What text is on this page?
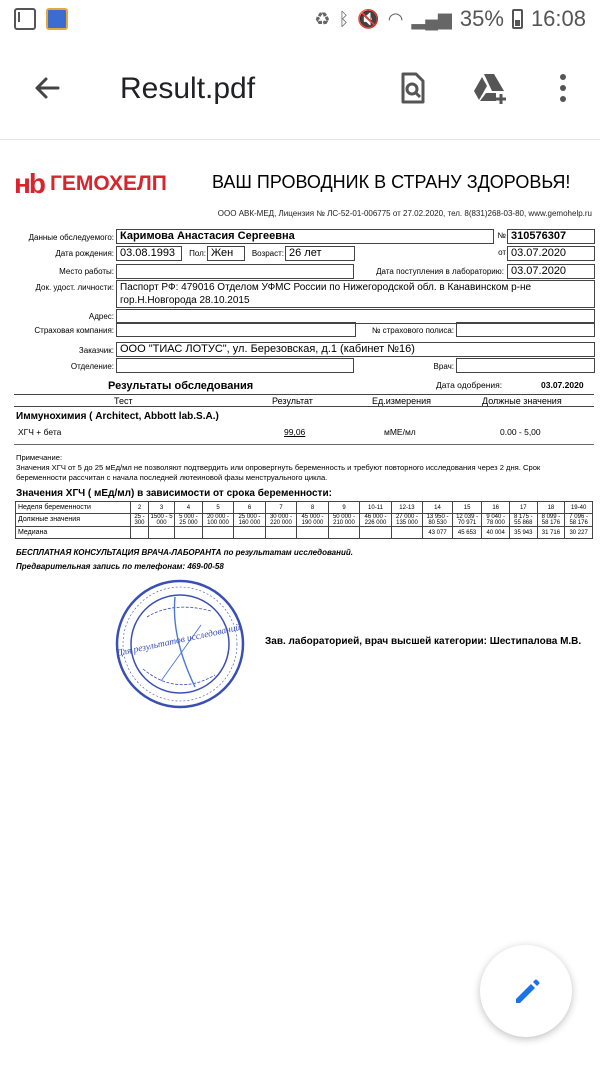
♻ ᛒ 🔇 ◠ ▂▄▆ 35% 16:08
Result.pdf
нb ГЕМОХЕЛП	ВАШ ПРОВОДНИК В СТРАНУ ЗДОРОВЬЯ!
ООО АВК-МЕД, Лицензия № ЛС-52-01-006775 от 27.02.2020, тел. 8(831)268-03-80, www.gemohelp.ru
Данные обследуемого: Каримова Анастасия Сергеевна	№ 310576307
Дата рождения: 03.08.1993	Пол: Жен	Возраст: 26 лет	от 03.07.2020
Место работы:	Дата поступления в лабораторию: 03.07.2020
Док. удост. личности: Паспорт РФ: 479016 Отделом УФМС России по Нижегородской обл. в Канавинском р-не гор.Н.Новгорода 28.10.2015
Адрес:
Страховая компания:	№ страхового полиса:
Заказчик: ООО "ТИАС ЛОТУС", ул. Березовская, д.1 (кабинет №16)
Отделение:	Врач:
Результаты обследования	Дата одобрения:	03.07.2020
Тест	Результат	Ед.измерения	Должные значения
Иммунохимия ( Architect, Abbott lab.S.A.)
ХГЧ + бета	99,06	мМЕ/мл	0.00 - 5,00
Примечание:
Значения ХГЧ от 5 до 25 мЕд/мл не позволяют подтвердить или опровергнуть беременность и требуют повторного исследования через 2 дня. Срок беременности рассчитан с начала последней лютеиновой фазы менструального цикла.
Значения ХГЧ ( мЕд/мл) в зависимости от срока беременности:
Неделя беременности	2	3	4	5	6	7	8	9	10-11	12-13	14	15	16	17	18	19-40
Должные значения	25 - 300	1500 - 5 000	5 000 - 25 000	20 000 - 100 000	25 000 - 160 000	30 000 - 220 000	45 000 - 190 000	50 000 - 210 000	46 000 - 226 000	27 000 - 135 000	13 950 - 80 530	12 039 - 70 971	9 040 - 78 000	8 175 - 55 868	8 099 - 58 176	7 096 - 58 176
Медиана											43 077	45 653	40 004	35 943	31 716	30 227
БЕСПЛАТНАЯ КОНСУЛЬТАЦИЯ ВРАЧА-ЛАБОРАНТА по результатам исследований.
Предварительная запись по телефонам: 469-00-58
Для результатов исследований Зав. лабораторией, врач высшей категории: Шестипалова М.В.
